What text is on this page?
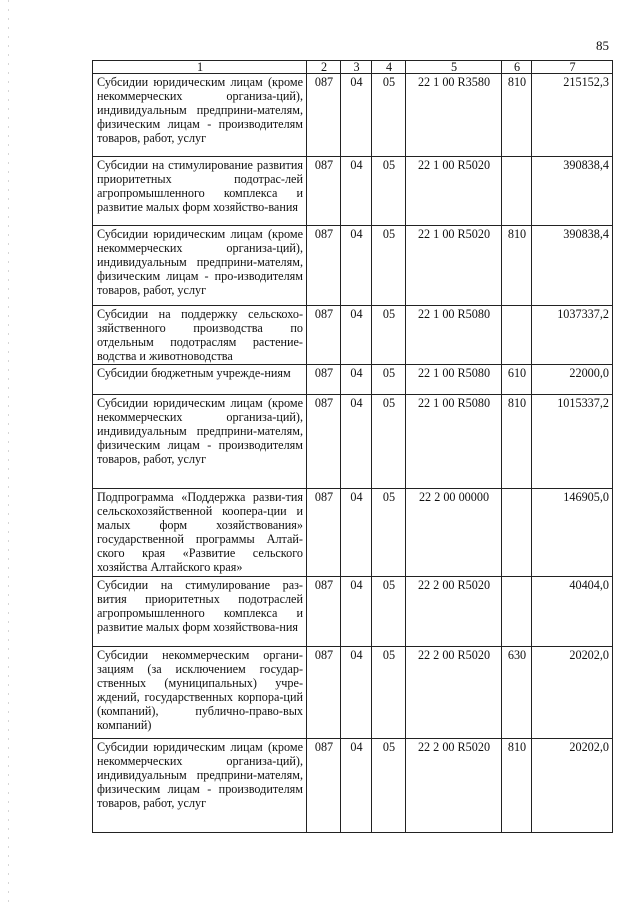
85
1	2	3	4	5	6	7
Субсидии юридическим лицам (кроме некоммерческих организа-ций), индивидуальным предприни-мателям, физическим лицам - производителям товаров, работ, услуг	087	04	05	22 1 00 R3580	810	215152,3
Субсидии на стимулирование развития приоритетных подотрас-лей агропромышленного комплекса и развитие малых форм хозяйство-вания	087	04	05	22 1 00 R5020		390838,4
Субсидии юридическим лицам (кроме некоммерческих организа-ций), индивидуальным предприни-мателям, физическим лицам - про-изводителям товаров, работ, услуг	087	04	05	22 1 00 R5020	810	390838,4
Субсидии на поддержку сельскохо-зяйственного производства по отдельным подотраслям растение-водства и животноводства	087	04	05	22 1 00 R5080		1037337,2
Субсидии бюджетным учрежде-ниям	087	04	05	22 1 00 R5080	610	22000,0
Субсидии юридическим лицам (кроме некоммерческих организа-ций), индивидуальным предприни-мателям, физическим лицам - производителям товаров, работ, услуг	087	04	05	22 1 00 R5080	810	1015337,2
Подпрограмма «Поддержка разви-тия сельскохозяйственной коопера-ции и малых форм хозяйствования» государственной программы Алтай-ского края «Развитие сельского хозяйства Алтайского края»	087	04	05	22 2 00 00000		146905,0
Субсидии на стимулирование раз-вития приоритетных подотраслей агропромышленного комплекса и развитие малых форм хозяйствова-ния	087	04	05	22 2 00 R5020		40404,0
Субсидии некоммерческим органи-зациям (за исключением государ-ственных (муниципальных) учре-ждений, государственных корпора-ций (компаний), публично-право-вых компаний)	087	04	05	22 2 00 R5020	630	20202,0
Субсидии юридическим лицам (кроме некоммерческих организа-ций), индивидуальным предприни-мателям, физическим лицам - производителям товаров, работ, услуг	087	04	05	22 2 00 R5020	810	20202,0
